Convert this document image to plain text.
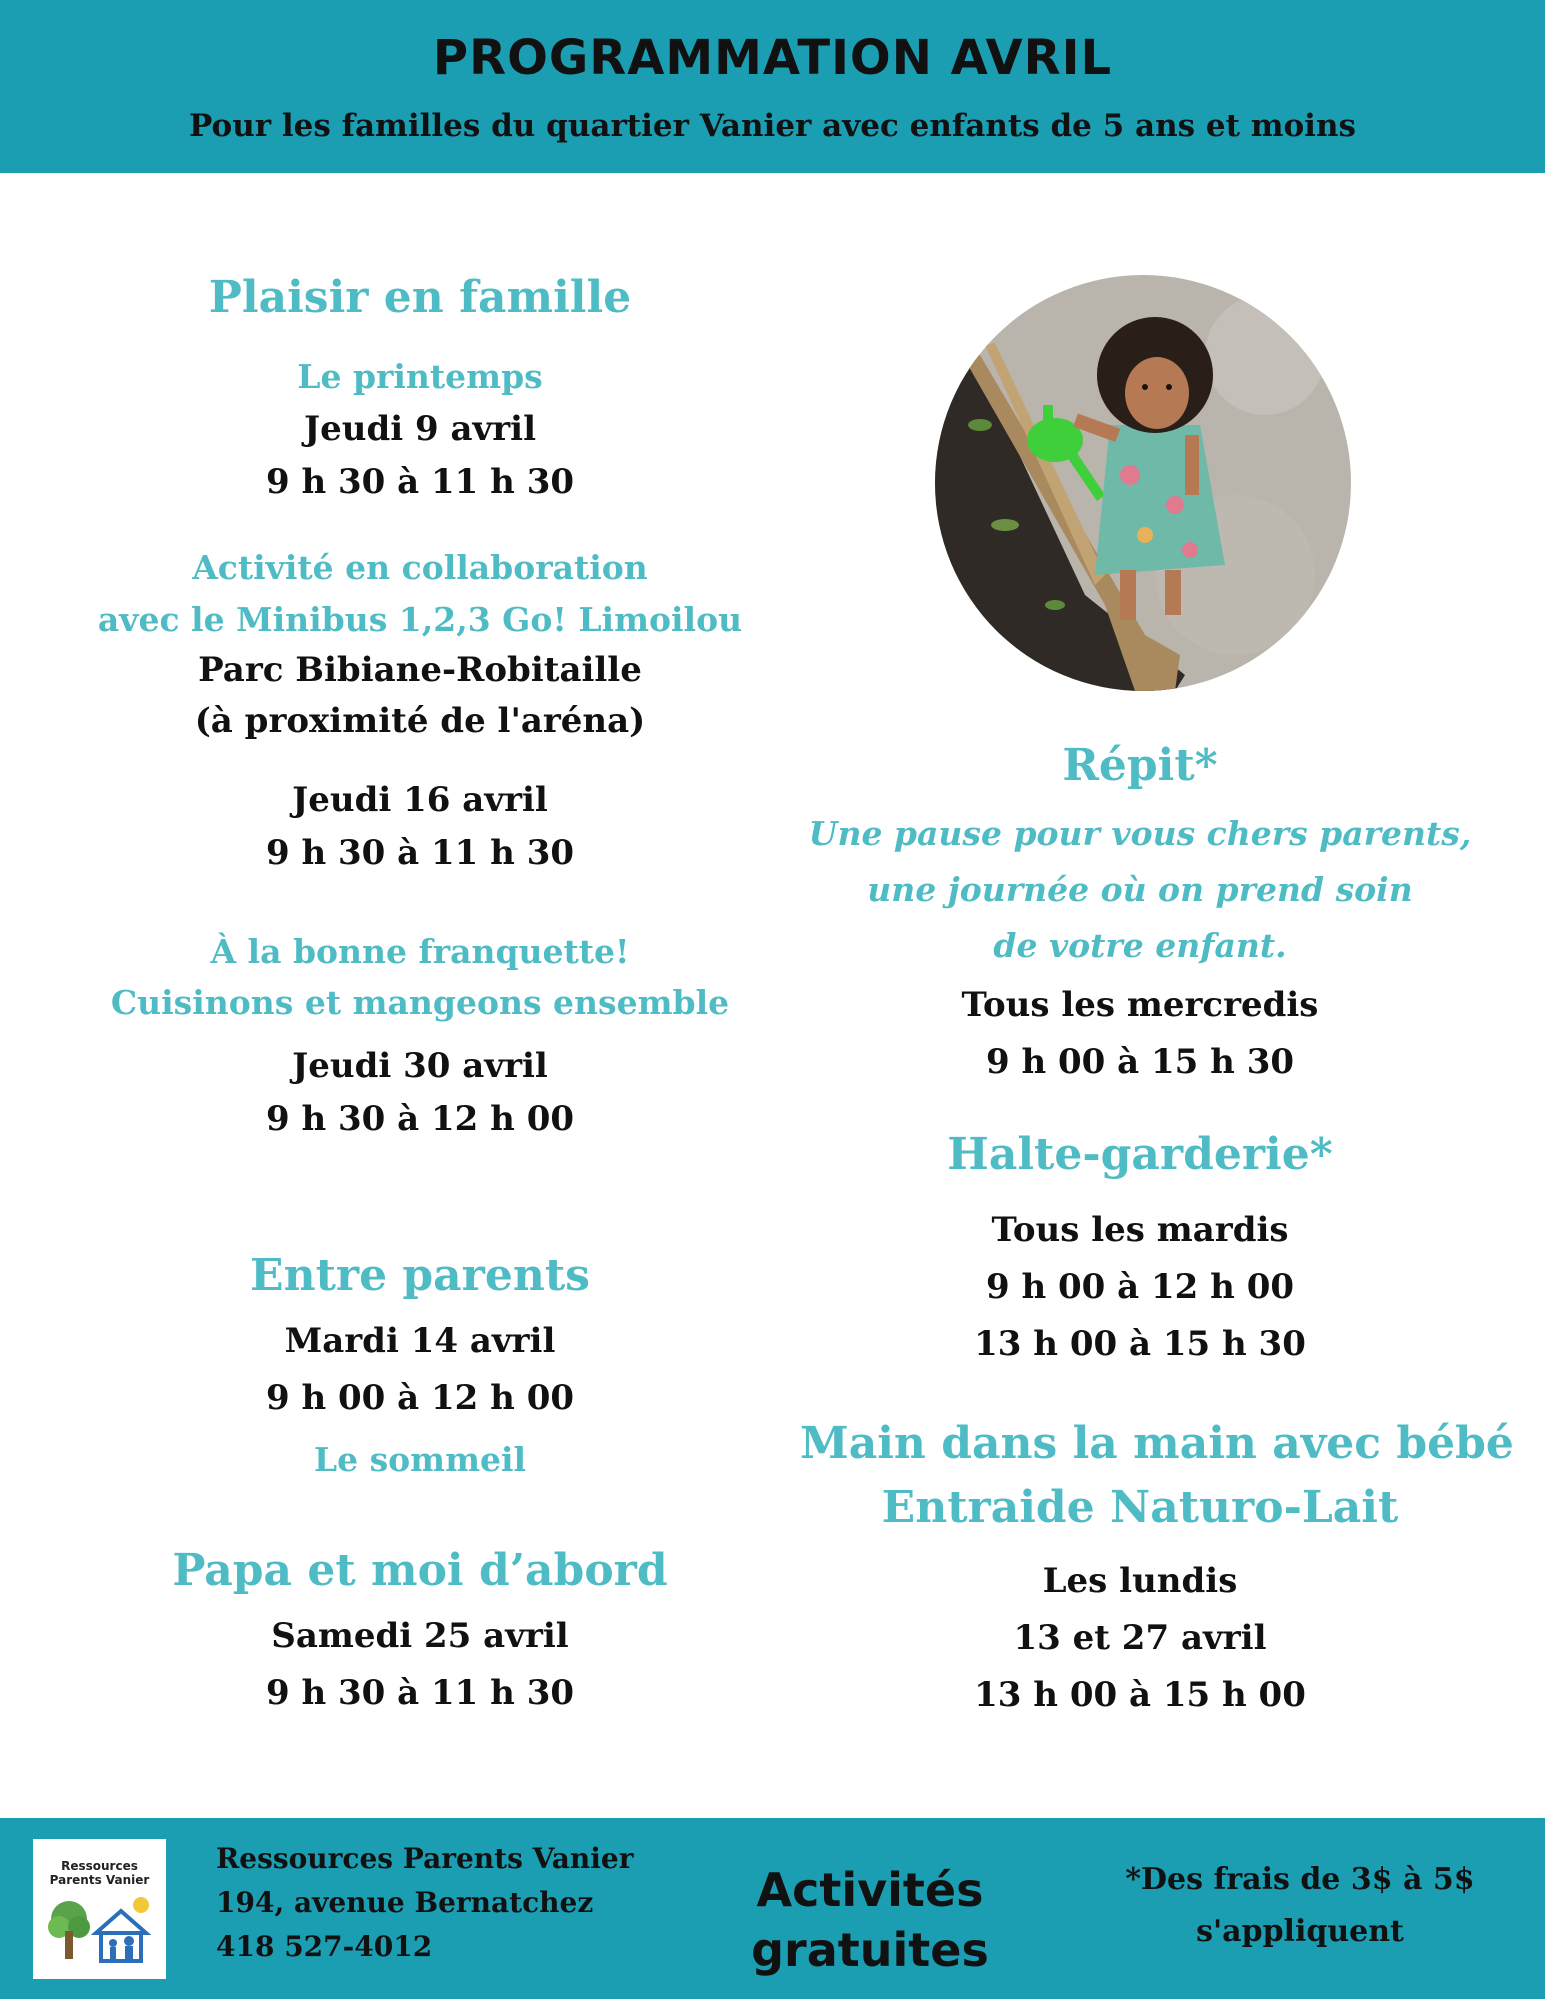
PROGRAMMATION AVRIL
Pour les familles du quartier Vanier avec enfants de 5 ans et moins
Plaisir en famille
Le printemps
Jeudi 9 avril
9 h 30 à 11 h 30
Activité en collaboration
avec le Minibus 1,2,3 Go! Limoilou
Parc Bibiane-Robitaille
(à proximité de l'aréna)
Jeudi 16 avril
9 h 30 à 11 h 30
À la bonne franquette!
Cuisinons et mangeons ensemble
Jeudi 30 avril
9 h 30 à 12 h 00
Entre parents
Mardi 14 avril
9 h 00 à 12 h 00
Le sommeil
Papa et moi d’abord
Samedi 25 avril
9 h 30 à 11 h 30
Répit*
Une pause pour vous chers parents,
une journée où on prend soin
de votre enfant.
Tous les mercredis
9 h 00 à 15 h 30
Halte-garderie*
Tous les mardis
9 h 00 à 12 h 00
13 h 00 à 15 h 30
Main dans la main avec bébé
Entraide Naturo-Lait
Les lundis
13 et 27 avril
13 h 00 à 15 h 00
Ressources
Parents Vanier
Ressources Parents Vanier
194, avenue Bernatchez
418 527-4012
Activités
gratuites
*Des frais de 3$ à 5$
s'appliquent
